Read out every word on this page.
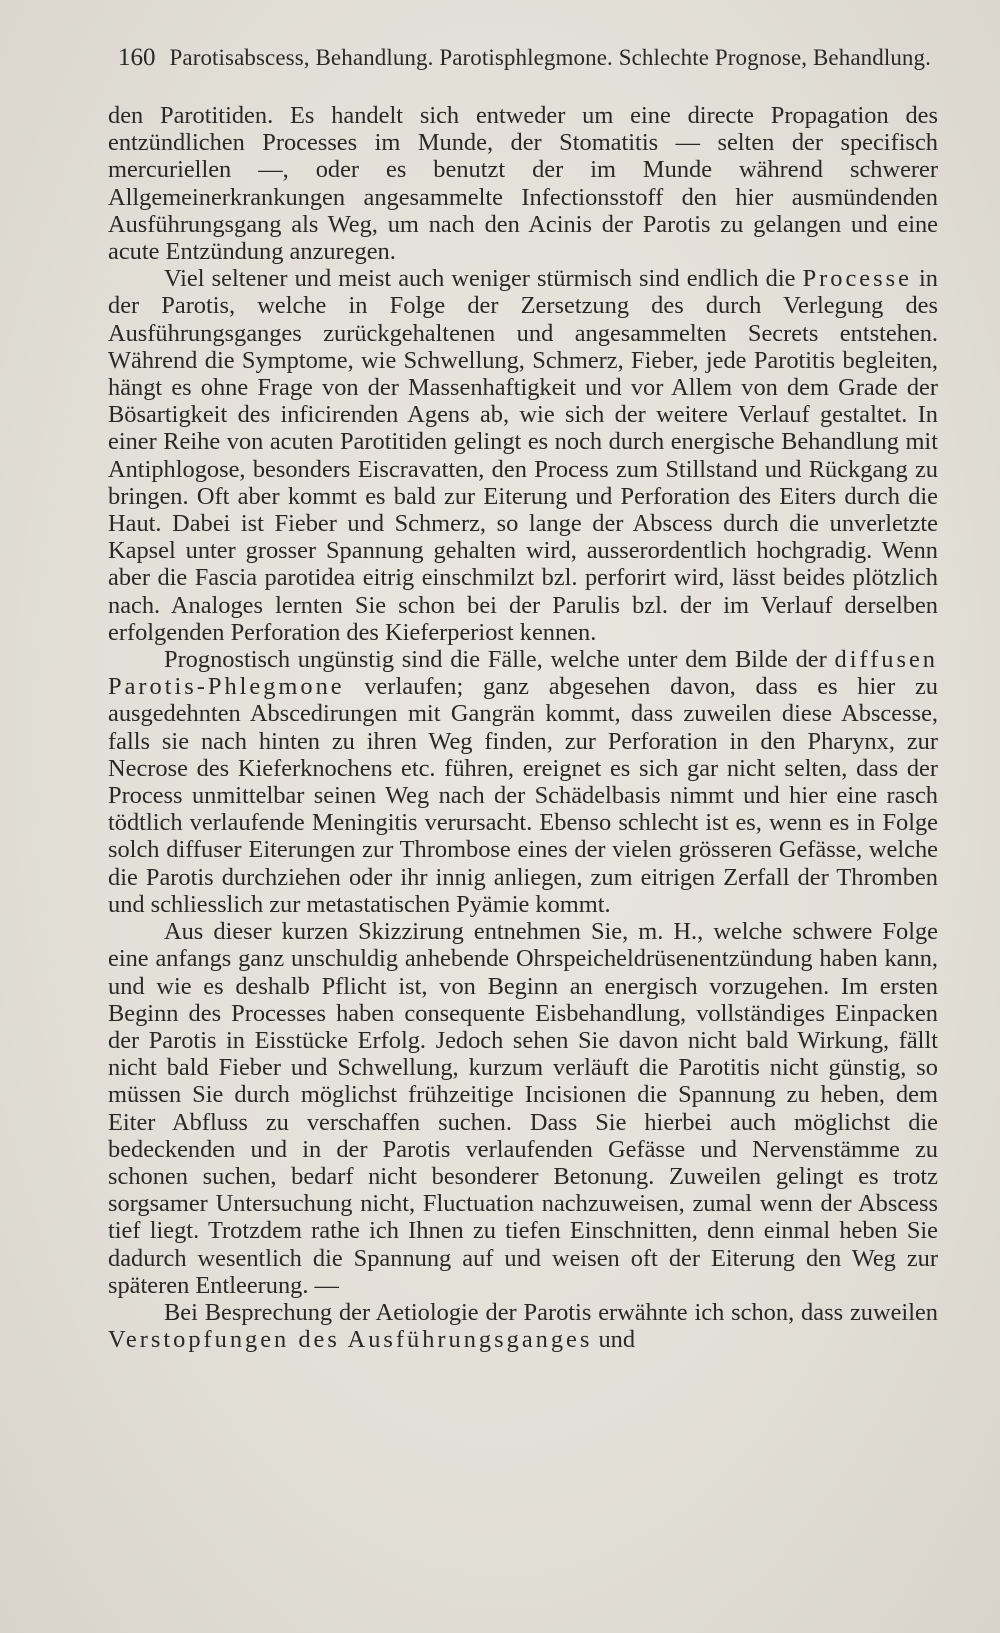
160 Parotisabscess, Behandlung. Parotisphlegmone. Schlechte Prognose, Behandlung.

den Parotitiden. Es handelt sich entweder um eine directe Propagation des entzündlichen Processes im Munde, der Stomatitis — selten der specifisch mercuriellen —, oder es benutzt der im Munde während schwerer Allgemeinerkrankungen angesammelte Infectionsstoff den hier ausmündenden Ausführungsgang als Weg, um nach den Acinis der Parotis zu gelangen und eine acute Entzündung anzuregen.

Viel seltener und meist auch weniger stürmisch sind endlich die Processe in der Parotis, welche in Folge der Zersetzung des durch Verlegung des Ausführungsganges zurückgehaltenen und angesammelten Secrets entstehen. Während die Symptome, wie Schwellung, Schmerz, Fieber, jede Parotitis begleiten, hängt es ohne Frage von der Massenhaftigkeit und vor Allem von dem Grade der Bösartigkeit des inficirenden Agens ab, wie sich der weitere Verlauf gestaltet. In einer Reihe von acuten Parotitiden gelingt es noch durch energische Behandlung mit Antiphlogose, besonders Eiscravatten, den Process zum Stillstand und Rückgang zu bringen. Oft aber kommt es bald zur Eiterung und Perforation des Eiters durch die Haut. Dabei ist Fieber und Schmerz, so lange der Abscess durch die unverletzte Kapsel unter grosser Spannung gehalten wird, ausserordentlich hochgradig. Wenn aber die Fascia parotidea eitrig einschmilzt bzl. perforirt wird, lässt beides plötzlich nach. Analoges lernten Sie schon bei der Parulis bzl. der im Verlauf derselben erfolgenden Perforation des Kieferperiost kennen.

Prognostisch ungünstig sind die Fälle, welche unter dem Bilde der diffusen Parotis-Phlegmone verlaufen; ganz abgesehen davon, dass es hier zu ausgedehnten Abscedirungen mit Gangrän kommt, dass zuweilen diese Abscesse, falls sie nach hinten zu ihren Weg finden, zur Perforation in den Pharynx, zur Necrose des Kieferknochens etc. führen, ereignet es sich gar nicht selten, dass der Process unmittelbar seinen Weg nach der Schädelbasis nimmt und hier eine rasch tödtlich verlaufende Meningitis verursacht. Ebenso schlecht ist es, wenn es in Folge solch diffuser Eiterungen zur Thrombose eines der vielen grösseren Gefässe, welche die Parotis durchziehen oder ihr innig anliegen, zum eitrigen Zerfall der Thromben und schliesslich zur metastatischen Pyämie kommt.

Aus dieser kurzen Skizzirung entnehmen Sie, m. H., welche schwere Folge eine anfangs ganz unschuldig anhebende Ohrspeicheldrüsenentzündung haben kann, und wie es deshalb Pflicht ist, von Beginn an energisch vorzugehen. Im ersten Beginn des Processes haben consequente Eisbehandlung, vollständiges Einpacken der Parotis in Eisstücke Erfolg. Jedoch sehen Sie davon nicht bald Wirkung, fällt nicht bald Fieber und Schwellung, kurzum verläuft die Parotitis nicht günstig, so müssen Sie durch möglichst frühzeitige Incisionen die Spannung zu heben, dem Eiter Abfluss zu verschaffen suchen. Dass Sie hierbei auch möglichst die bedeckenden und in der Parotis verlaufenden Gefässe und Nervenstämme zu schonen suchen, bedarf nicht besonderer Betonung. Zuweilen gelingt es trotz sorgsamer Untersuchung nicht, Fluctuation nachzuweisen, zumal wenn der Abscess tief liegt. Trotzdem rathe ich Ihnen zu tiefen Einschnitten, denn einmal heben Sie dadurch wesentlich die Spannung auf und weisen oft der Eiterung den Weg zur späteren Entleerung. —

Bei Besprechung der Aetiologie der Parotis erwähnte ich schon, dass zuweilen Verstopfungen des Ausführungsganges und
